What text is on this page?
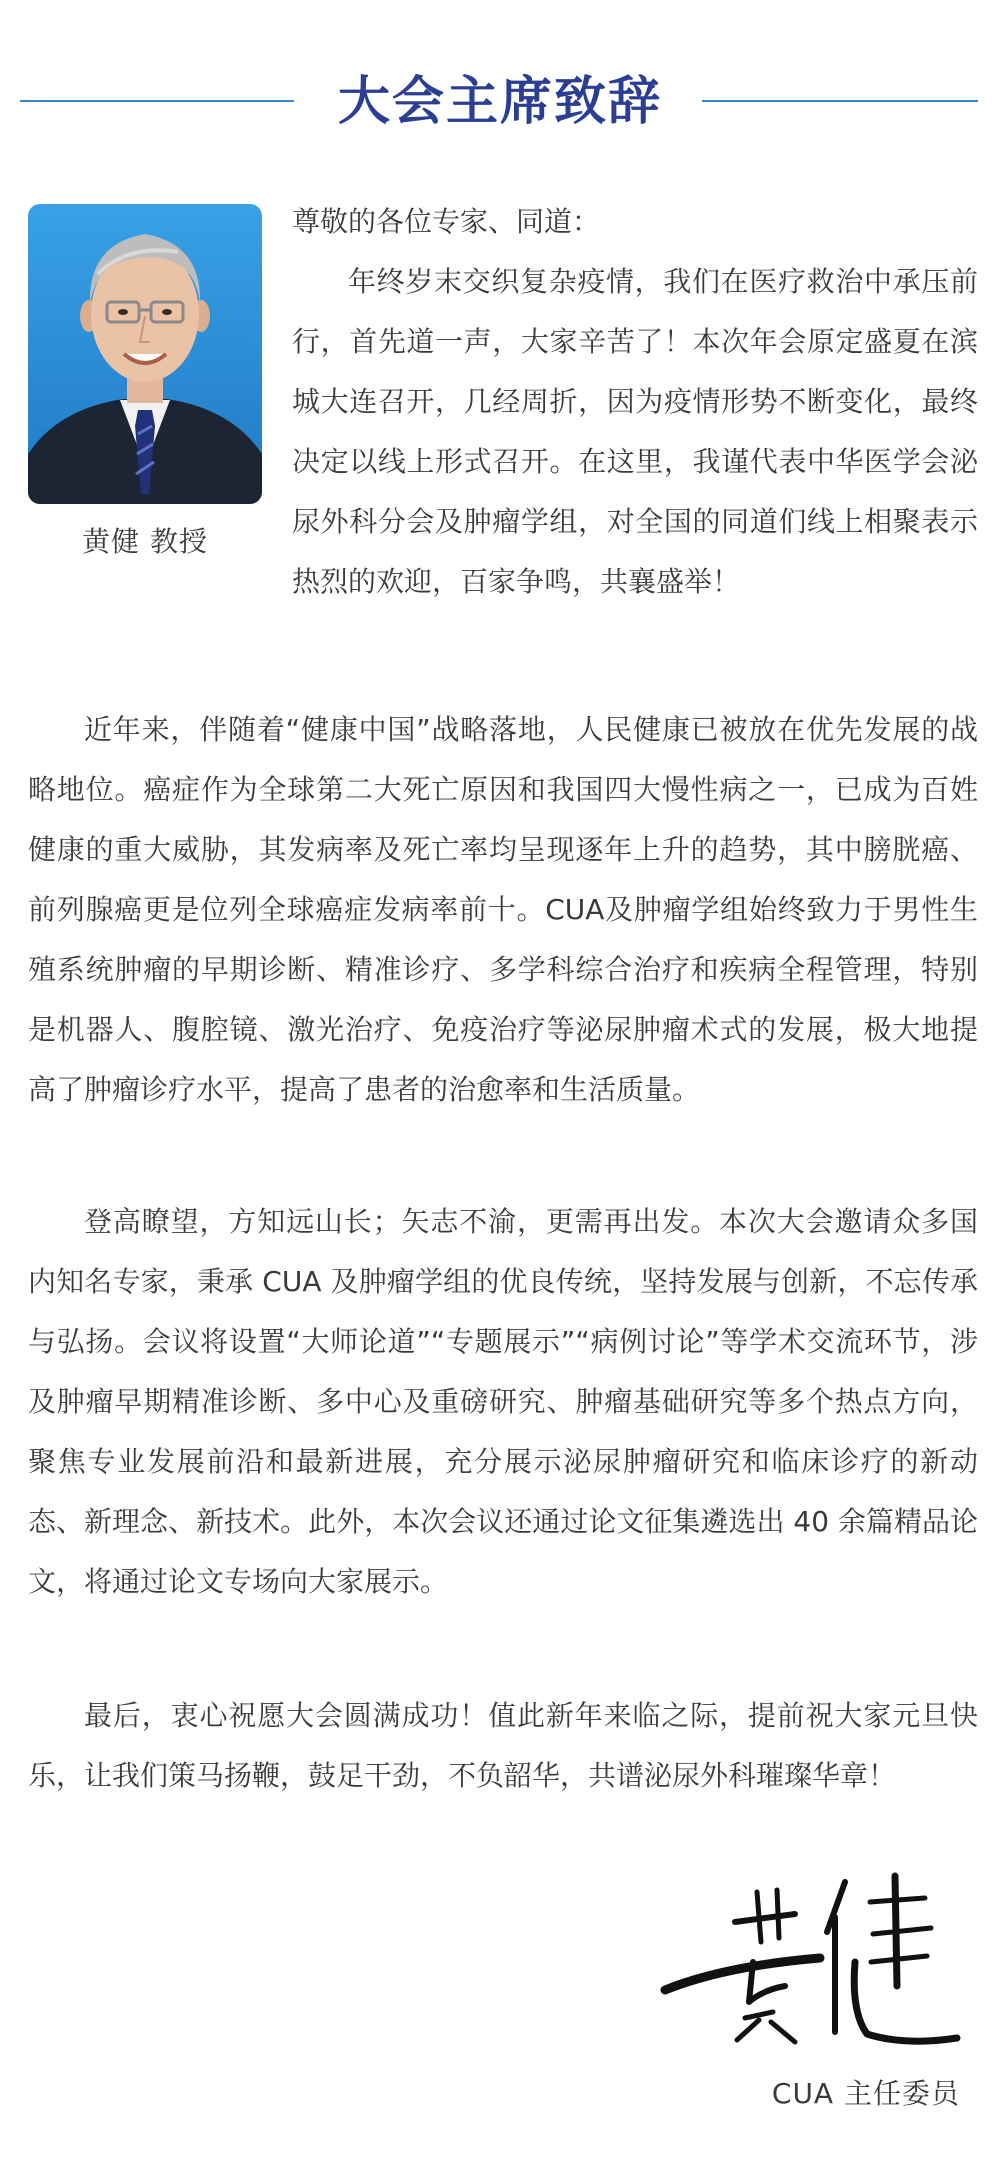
大会主席致辞
黄健 教授

尊敬的各位专家、同道：

年终岁末交织复杂疫情，我们在医疗救治中承压前行，首先道一声，大家辛苦了！本次年会原定盛夏在滨城大连召开，几经周折，因为疫情形势不断变化，最终决定以线上形式召开。在这里，我谨代表中华医学会泌尿外科分会及肿瘤学组，对全国的同道们线上相聚表示热烈的欢迎，百家争鸣，共襄盛举！

近年来，伴随着“健康中国”战略落地，人民健康已被放在优先发展的战略地位。癌症作为全球第二大死亡原因和我国四大慢性病之一，已成为百姓健康的重大威胁，其发病率及死亡率均呈现逐年上升的趋势，其中膀胱癌、前列腺癌更是位列全球癌症发病率前十。CUA及肿瘤学组始终致力于男性生殖系统肿瘤的早期诊断、精准诊疗、多学科综合治疗和疾病全程管理，特别是机器人、腹腔镜、激光治疗、免疫治疗等泌尿肿瘤术式的发展，极大地提高了肿瘤诊疗水平，提高了患者的治愈率和生活质量。

登高瞭望，方知远山长；矢志不渝，更需再出发。本次大会邀请众多国内知名专家，秉承 CUA 及肿瘤学组的优良传统，坚持发展与创新，不忘传承与弘扬。会议将设置“大师论道”“专题展示”“病例讨论”等学术交流环节，涉及肿瘤早期精准诊断、多中心及重磅研究、肿瘤基础研究等多个热点方向，聚焦专业发展前沿和最新进展，充分展示泌尿肿瘤研究和临床诊疗的新动态、新理念、新技术。此外，本次会议还通过论文征集遴选出 40 余篇精品论文，将通过论文专场向大家展示。

最后，衷心祝愿大会圆满成功！值此新年来临之际，提前祝大家元旦快乐，让我们策马扬鞭，鼓足干劲，不负韶华，共谱泌尿外科璀璨华章！

CUA 主任委员
